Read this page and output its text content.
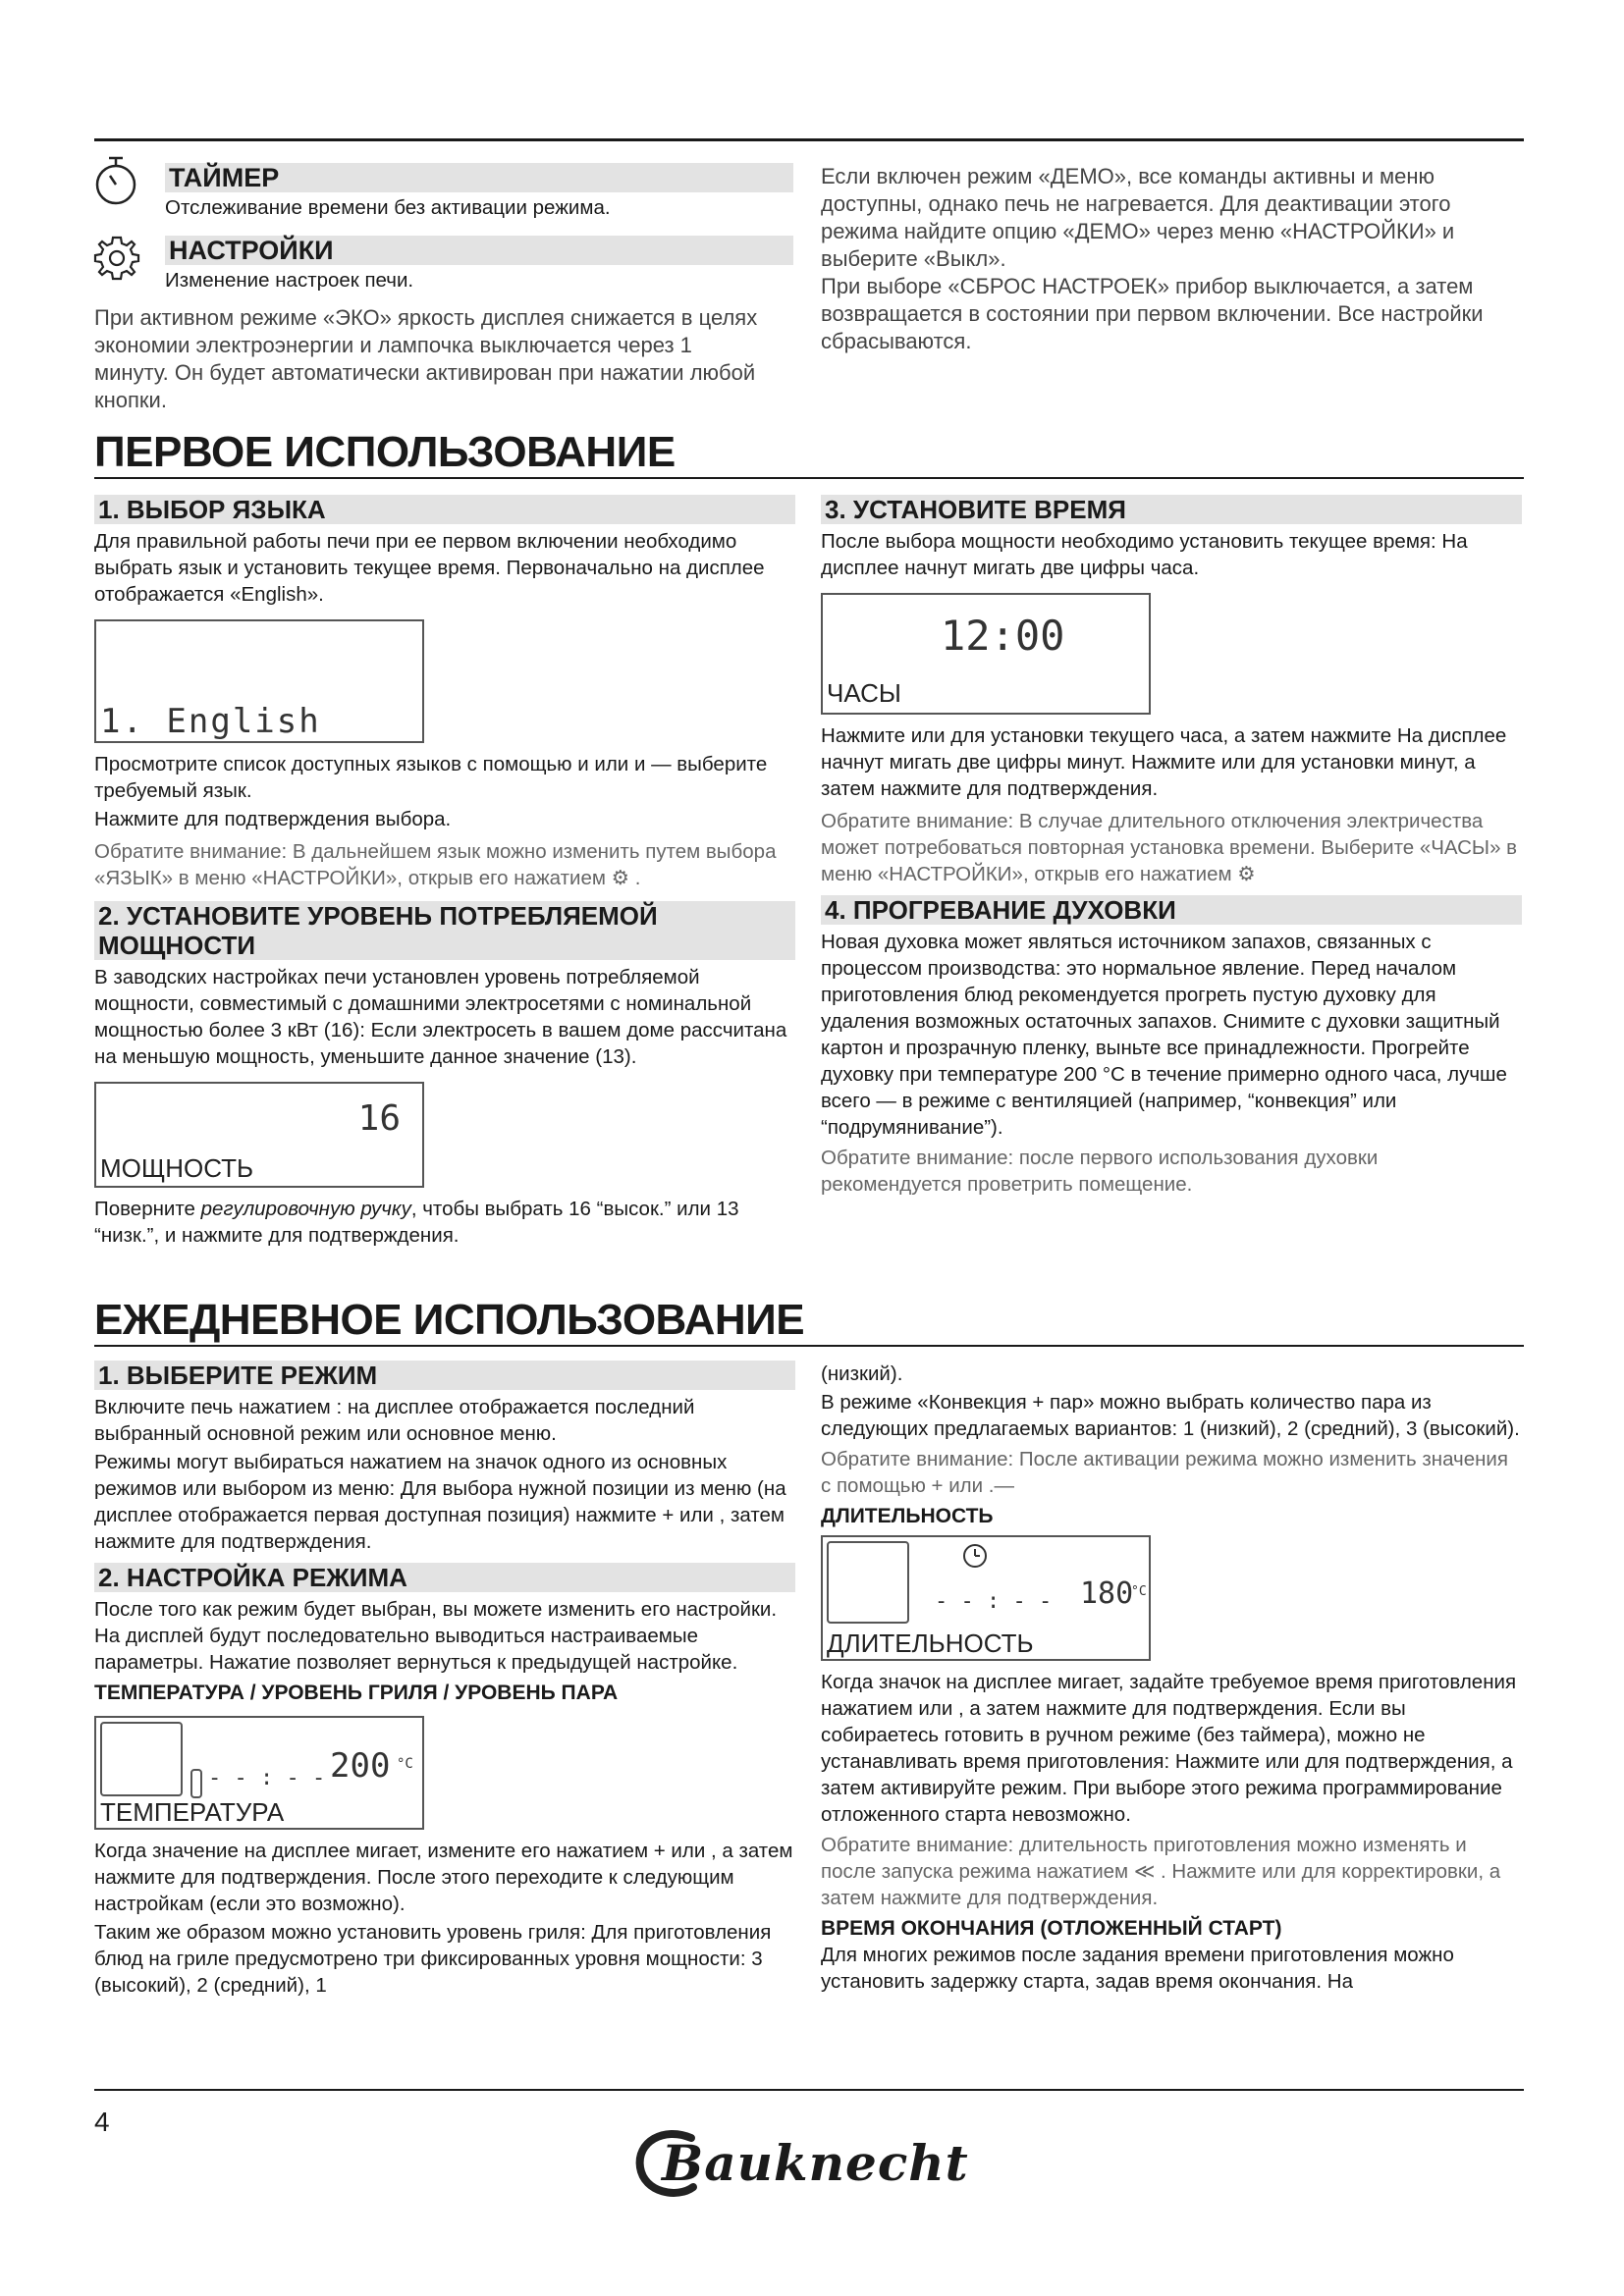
ТАЙМЕР
Отслеживание времени без активации режима.
НАСТРОЙКИ
Изменение настроек печи.
При активном режиме «ЭКО» яркость дисплея снижается в целях экономии электроэнергии и лампочка выключается через 1 минуту. Он будет автоматически активирован при нажатии любой кнопки.
Если включен режим «ДЕМО», все команды активны и меню доступны, однако печь не нагревается. Для деактивации этого режима найдите опцию «ДЕМО» через меню «НАСТРОЙКИ» и выберите «Выкл».
При выборе «СБРОС НАСТРОЕК» прибор выключается, а затем возвращается в состоянии при первом включении. Все настройки сбрасываются.
ПЕРВОЕ ИСПОЛЬЗОВАНИЕ
1. ВЫБОР ЯЗЫКА

Для правильной работы печи при ее первом включении необходимо выбрать язык и установить текущее время. Первоначально на дисплее отображается «English».

1. English

Просмотрите список доступных языков с помощью и или и — выберите требуемый язык.

Нажмите для подтверждения выбора.

Обратите внимание: В дальнейшем язык можно изменить путем выбора «ЯЗЫК» в меню «НАСТРОЙКИ», открыв его нажатием ⚙ .

2. УСТАНОВИТЕ УРОВЕНЬ ПОТРЕБЛЯЕМОЙ МОЩНОСТИ

В заводских настройках печи установлен уровень потребляемой мощности, совместимый с домашними электросетями с номинальной мощностью более 3 кВт (16): Если электросеть в вашем доме рассчитана на меньшую мощность, уменьшите данное значение (13).

16
МОЩНОСТЬ

Поверните регулировочную ручку, чтобы выбрать 16 “высок.” или 13 “низк.”, и нажмите для подтверждения.

3. УСТАНОВИТЕ ВРЕМЯ

После выбора мощности необходимо установить текущее время: На дисплее начнут мигать две цифры часа.

12:00
ЧАСЫ

Нажмите или для установки текущего часа, а затем нажмите На дисплее начнут мигать две цифры минут. Нажмите или для установки минут, а затем нажмите для подтверждения.

Обратите внимание: В случае длительного отключения электричества может потребоваться повторная установка времени. Выберите «ЧАСЫ» в меню «НАСТРОЙКИ», открыв его нажатием ⚙

4. ПРОГРЕВАНИЕ ДУХОВКИ

Новая духовка может являться источником запахов, связанных с процессом производства: это нормальное явление. Перед началом приготовления блюд рекомендуется прогреть пустую духовку для удаления возможных остаточных запахов. Снимите с духовки защитный картон и прозрачную пленку, выньте все принадлежности. Прогрейте духовку при температуре 200 °C в течение примерно одного часа, лучше всего — в режиме с вентиляцией (например, “конвекция” или “подрумянивание”).

Обратите внимание: после первого использования духовки рекомендуется проветрить помещение.

ЕЖЕДНЕВНОЕ ИСПОЛЬЗОВАНИЕ
1. ВЫБЕРИТЕ РЕЖИМ

Включите печь нажатием : на дисплее отображается последний выбранный основной режим или основное меню.

Режимы могут выбираться нажатием на значок одного из основных режимов или выбором из меню: Для выбора нужной позиции из меню (на дисплее отображается первая доступная позиция) нажмите + или , затем нажмите для подтверждения.

2. НАСТРОЙКА РЕЖИМА

После того как режим будет выбран, вы можете изменить его настройки. На дисплей будут последовательно выводиться настраиваемые параметры. Нажатие позволяет вернуться к предыдущей настройке.

ТЕМПЕРАТУРА / УРОВЕНЬ ГРИЛЯ / УРОВЕНЬ ПАРА
- - : - - 200 °C
ТЕМПЕРАТУРА

Когда значение на дисплее мигает, измените его нажатием + или , а затем нажмите для подтверждения. После этого переходите к следующим настройкам (если это возможно).

Таким же образом можно установить уровень гриля: Для приготовления блюд на гриле предусмотрено три фиксированных уровня мощности: 3 (высокий), 2 (средний), 1

(низкий).

В режиме «Конвекция + пар» можно выбрать количество пара из следующих предлагаемых вариантов: 1 (низкий), 2 (средний), 3 (высокий).

Обратите внимание: После активации режима можно изменить значения с помощью + или .—

ДЛИТЕЛЬНОСТЬ
- - : - - 180
°C
ДЛИТЕЛЬНОСТЬ

Когда значок на дисплее мигает, задайте требуемое время приготовления нажатием или , а затем нажмите для подтверждения. Если вы собираетесь готовить в ручном режиме (без таймера), можно не устанавливать время приготовления: Нажмите или для подтверждения, а затем активируйте режим. При выборе этого режима программирование отложенного старта невозможно.

Обратите внимание: длительность приготовления можно изменять и после запуска режима нажатием ≪ . Нажмите или для корректировки, а затем нажмите для подтверждения.

ВРЕМЯ ОКОНЧАНИЯ (ОТЛОЖЕННЫЙ СТАРТ)

Для многих режимов после задания времени приготовления можно установить задержку старта, задав время окончания. На

4
Bauknecht
